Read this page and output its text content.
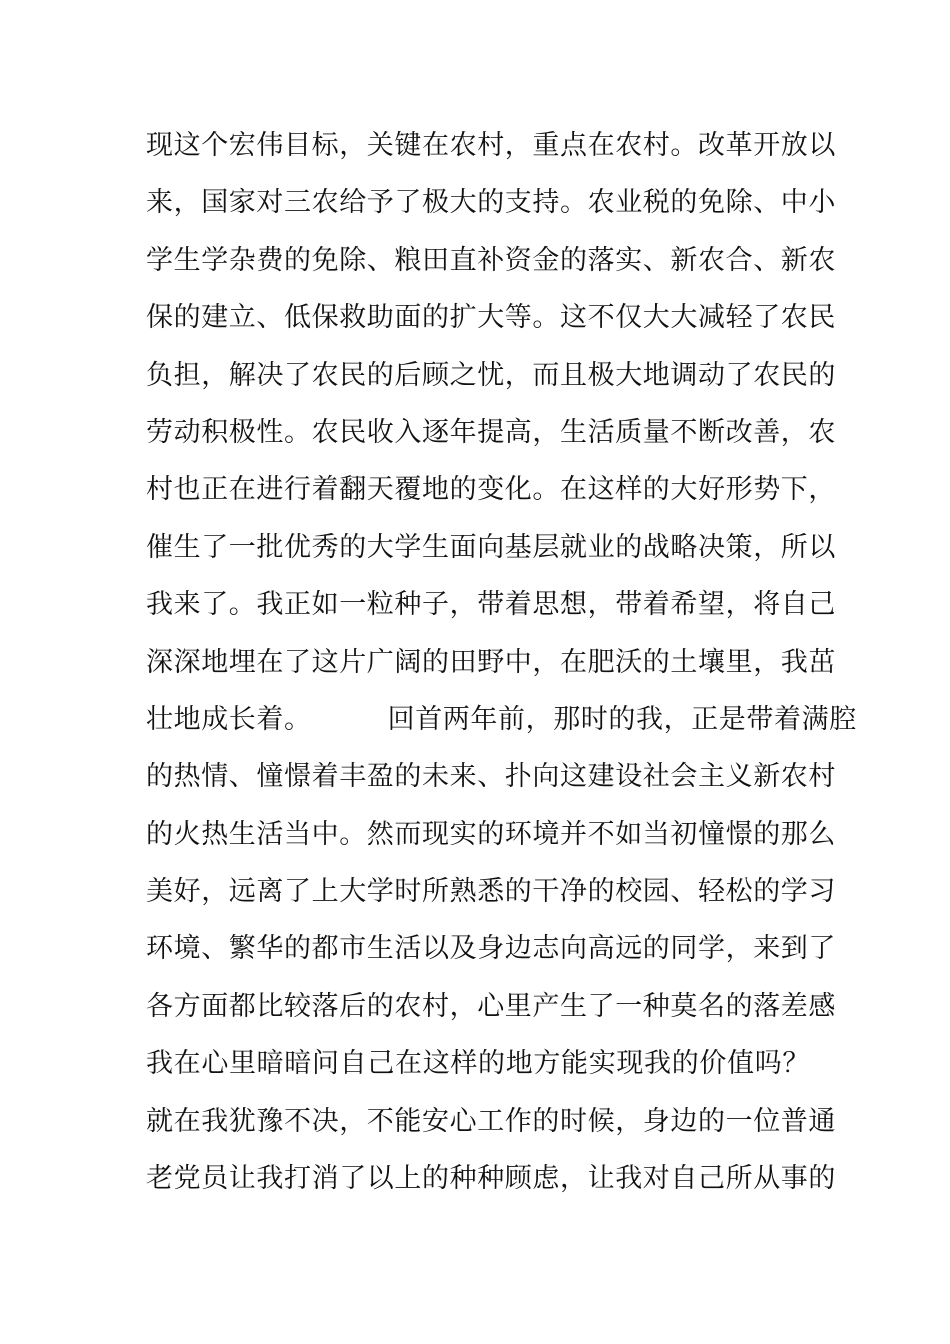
现这个宏伟目标，关键在农村，重点在农村。改革开放以
来，国家对三农给予了极大的支持。农业税的免除、中小
学生学杂费的免除、粮田直补资金的落实、新农合、新农
保的建立、低保救助面的扩大等。这不仅大大减轻了农民
负担，解决了农民的后顾之忧，而且极大地调动了农民的
劳动积极性。农民收入逐年提高，生活质量不断改善，农
村也正在进行着翻天覆地的变化。在这样的大好形势下，
催生了一批优秀的大学生面向基层就业的战略决策，所以
我来了。我正如一粒种子，带着思想，带着希望，将自己
深深地埋在了这片广阔的田野中，在肥沃的土壤里，我茁
壮地成长着。	回首两年前，那时的我，正是带着满腔
的热情、憧憬着丰盈的未来、扑向这建设社会主义新农村
的火热生活当中。然而现实的环境并不如当初憧憬的那么
美好，远离了上大学时所熟悉的干净的校园、轻松的学习
环境、繁华的都市生活以及身边志向高远的同学，来到了
各方面都比较落后的农村，心里产生了一种莫名的落差感
我在心里暗暗问自己在这样的地方能实现我的价值吗？
就在我犹豫不决，不能安心工作的时候，身边的一位普通
老党员让我打消了以上的种种顾虑，让我对自己所从事的
